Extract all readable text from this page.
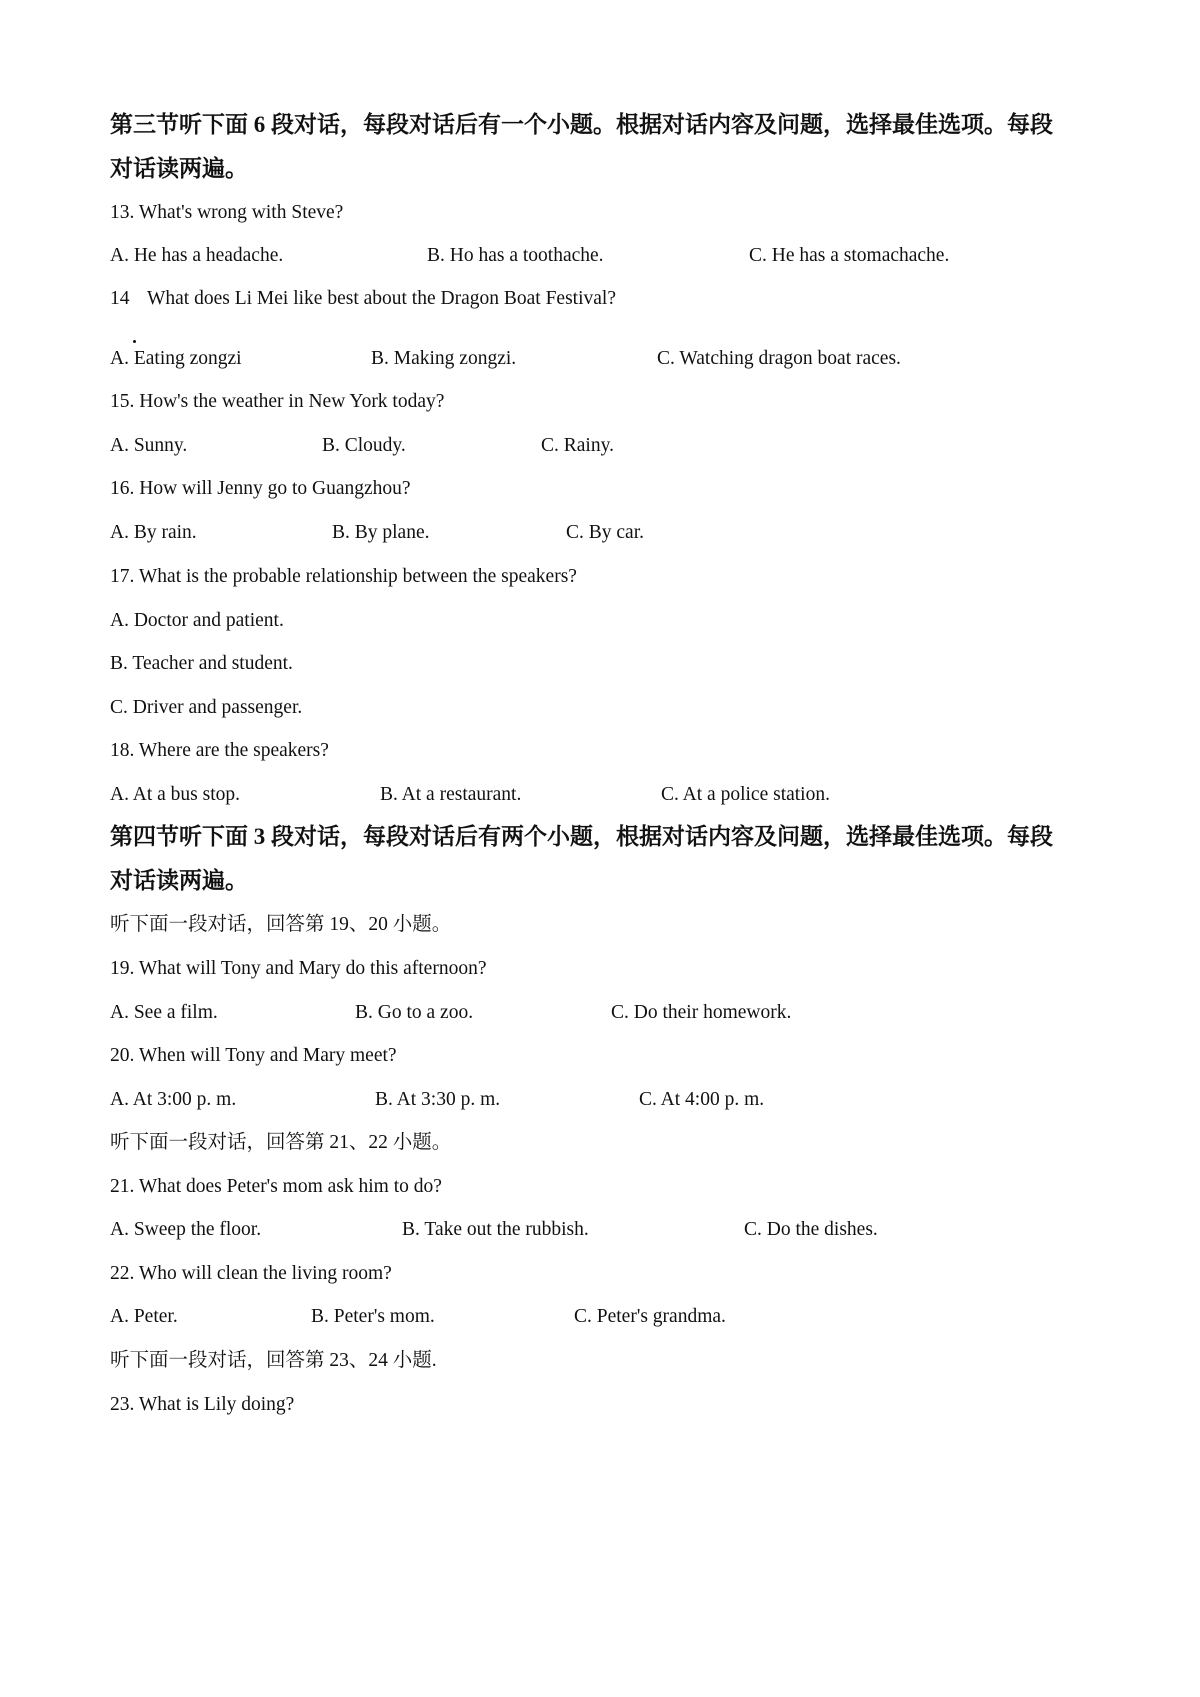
第三节听下面 6 段对话，每段对话后有一个小题。根据对话内容及问题，选择最佳选项。每段
对话读两遍。
13. What's wrong with Steve?
A. He has a headache.	B. Ho has a toothache.	C. He has a stomachache.
14 What does Li Mei like best about the Dragon Boat Festival?
A. Eating zongzi	B. Making zongzi.	C. Watching dragon boat races.
15. How's the weather in New York today?
A. Sunny.	B. Cloudy.	C. Rainy.
16. How will Jenny go to Guangzhou?
A. By rain.	B. By plane.	C. By car.
17. What is the probable relationship between the speakers?
A. Doctor and patient.
B. Teacher and student.
C. Driver and passenger.
18. Where are the speakers?
A. At a bus stop.	B. At a restaurant.	C. At a police station.
第四节听下面 3 段对话，每段对话后有两个小题，根据对话内容及问题，选择最佳选项。每段
对话读两遍。
听下面一段对话，回答第 19、20 小题。
19. What will Tony and Mary do this afternoon?
A. See a film.	B. Go to a zoo.	C. Do their homework.
20. When will Tony and Mary meet?
A. At 3:00 p. m.	B. At 3:30 p. m.	C. At 4:00 p. m.
听下面一段对话，回答第 21、22 小题。
21. What does Peter's mom ask him to do?
A. Sweep the floor.	B. Take out the rubbish.	C. Do the dishes.
22. Who will clean the living room?
A. Peter.	B. Peter's mom.	C. Peter's grandma.
听下面一段对话，回答第 23、24 小题.
23. What is Lily doing?
